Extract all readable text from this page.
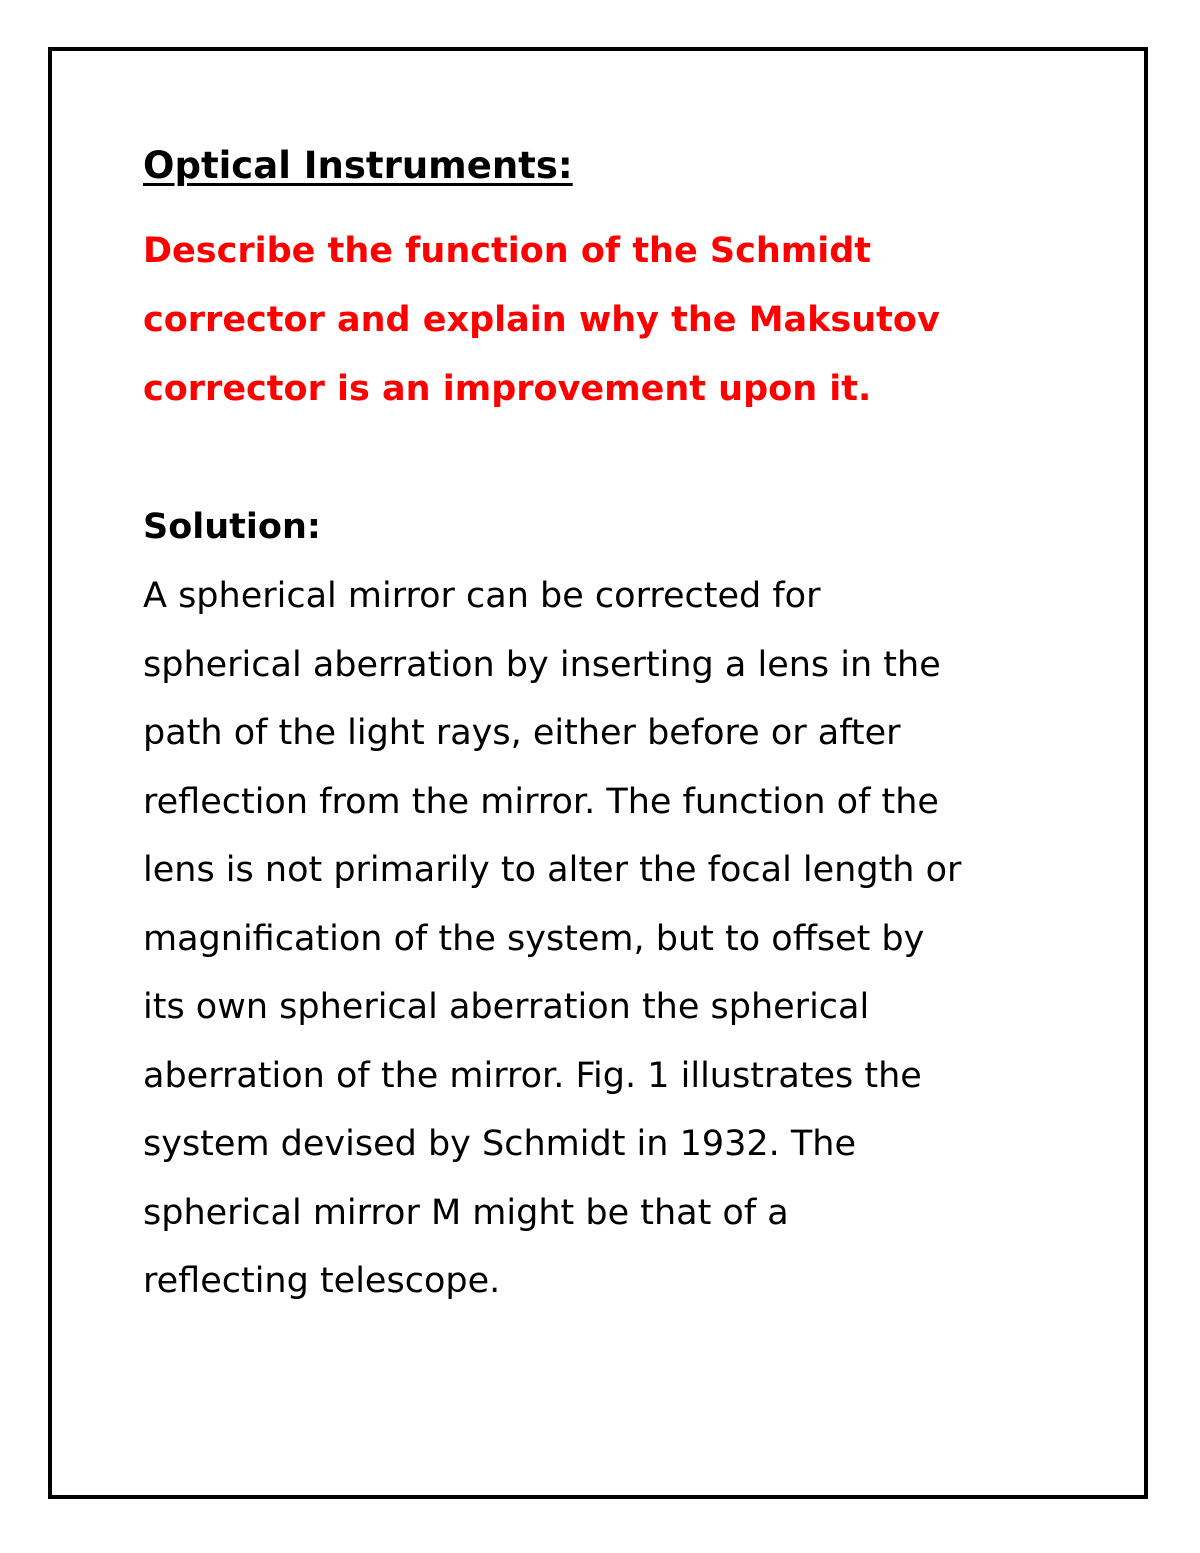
Optical Instruments:
Describe the function of the Schmidt
corrector and explain why the Maksutov
corrector is an improvement upon it.
Solution:
A spherical mirror can be corrected for
spherical aberration by inserting a lens in the
path of the light rays, either before or after
reflection from the mirror. The function of the
lens is not primarily to alter the focal length or
magnification of the system, but to offset by
its own spherical aberration the spherical
aberration of the mirror. Fig. 1 illustrates the
system devised by Schmidt in 1932. The
spherical mirror M might be that of a
reflecting telescope.
